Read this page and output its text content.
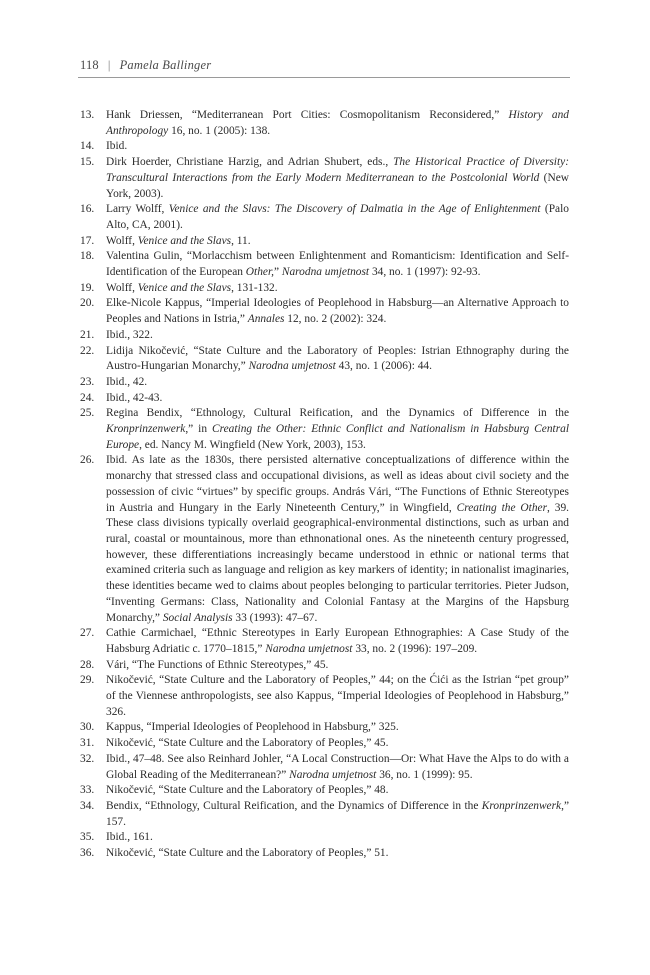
118 | Pamela Ballinger
13.	Hank Driessen, “Mediterranean Port Cities: Cosmopolitanism Reconsidered,” History and Anthropology 16, no. 1 (2005): 138.
14.	Ibid.
15.	Dirk Hoerder, Christiane Harzig, and Adrian Shubert, eds., The Historical Practice of Diversity: Transcultural Interactions from the Early Modern Mediterranean to the Postcolonial World (New York, 2003).
16.	Larry Wolff, Venice and the Slavs: The Discovery of Dalmatia in the Age of Enlightenment (Palo Alto, CA, 2001).
17.	Wolff, Venice and the Slavs, 11.
18.	Valentina Gulin, “Morlacchism between Enlightenment and Romanticism: Identification and Self-Identification of the European Other,” Narodna umjetnost 34, no. 1 (1997): 92-93.
19.	Wolff, Venice and the Slavs, 131-132.
20.	Elke-Nicole Kappus, “Imperial Ideologies of Peoplehood in Habsburg—an Alternative Approach to Peoples and Nations in Istria,” Annales 12, no. 2 (2002): 324.
21.	Ibid., 322.
22.	Lidija Nikočević, “State Culture and the Laboratory of Peoples: Istrian Ethnography during the Austro-Hungarian Monarchy,” Narodna umjetnost 43, no. 1 (2006): 44.
23.	Ibid., 42.
24.	Ibid., 42-43.
25.	Regina Bendix, “Ethnology, Cultural Reification, and the Dynamics of Difference in the Kronprinzenwerk,” in Creating the Other: Ethnic Conflict and Nationalism in Habsburg Central Europe, ed. Nancy M. Wingfield (New York, 2003), 153.
26.	Ibid. As late as the 1830s, there persisted alternative conceptualizations of difference within the monarchy that stressed class and occupational divisions, as well as ideas about civil society and the possession of civic “virtues” by specific groups. András Vári, “The Functions of Ethnic Stereotypes in Austria and Hungary in the Early Nineteenth Century,” in Wingfield, Creating the Other, 39. These class divisions typically overlaid geographical-environmental distinctions, such as urban and rural, coastal or mountainous, more than ethnonational ones. As the nineteenth century progressed, however, these differentiations increasingly became understood in ethnic or national terms that examined criteria such as language and religion as key markers of identity; in nationalist imaginaries, these identities became wed to claims about peoples belonging to particular territories. Pieter Judson, “Inventing Germans: Class, Nationality and Colonial Fantasy at the Margins of the Hapsburg Monarchy,” Social Analysis 33 (1993): 47–67.
27.	Cathie Carmichael, “Ethnic Stereotypes in Early European Ethnographies: A Case Study of the Habsburg Adriatic c. 1770–1815,” Narodna umjetnost 33, no. 2 (1996): 197–209.
28.	Vári, “The Functions of Ethnic Stereotypes,” 45.
29.	Nikočević, “State Culture and the Laboratory of Peoples,” 44; on the Ćići as the Istrian “pet group” of the Viennese anthropologists, see also Kappus, “Imperial Ideologies of Peoplehood in Habsburg,” 326.
30.	Kappus, “Imperial Ideologies of Peoplehood in Habsburg,” 325.
31.	Nikočević, “State Culture and the Laboratory of Peoples,” 45.
32.	Ibid., 47–48. See also Reinhard Johler, “A Local Construction—Or: What Have the Alps to do with a Global Reading of the Mediterranean?” Narodna umjetnost 36, no. 1 (1999): 95.
33.	Nikočević, “State Culture and the Laboratory of Peoples,” 48.
34.	Bendix, “Ethnology, Cultural Reification, and the Dynamics of Difference in the Kronprinzenwerk,” 157.
35.	Ibid., 161.
36.	Nikočević, “State Culture and the Laboratory of Peoples,” 51.
